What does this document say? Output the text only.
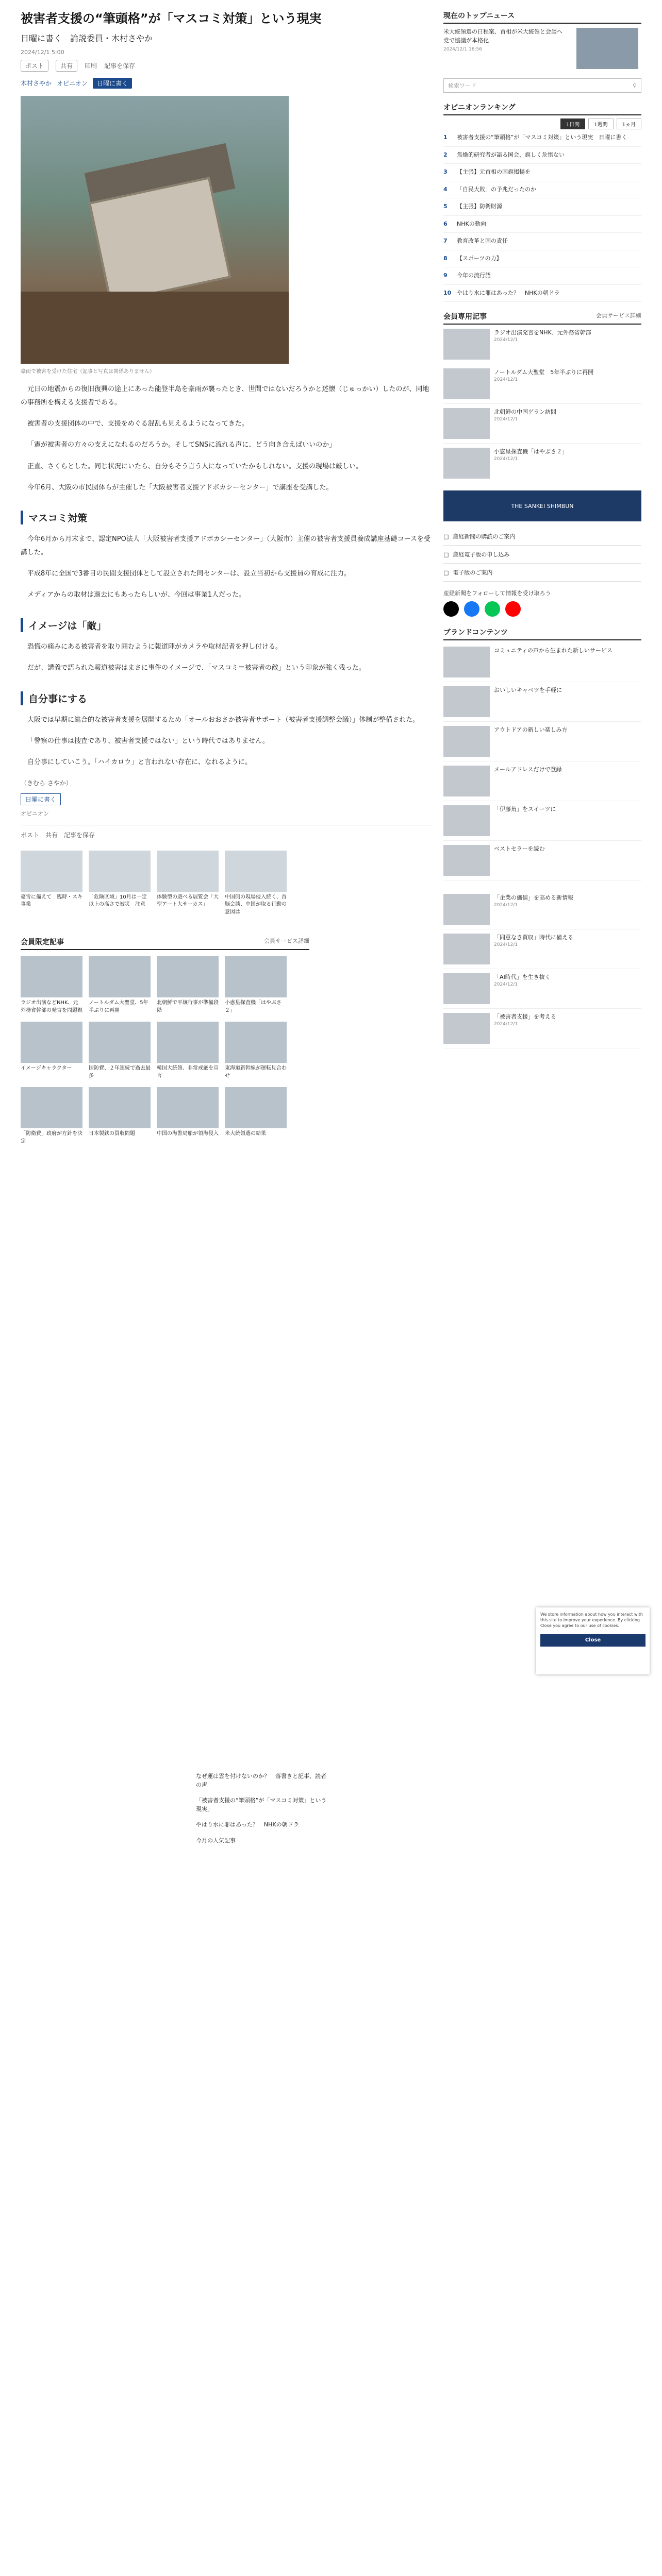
被害者支援の“筆頭格”が「マスコミ対策」という現実
日曜に書く　論説委員・木村さやか
2024/12/1 5:00
ポスト	共有	印刷 記事を保存
木村さやか オピニオン	日曜に書く
豪雨で被害を受けた住宅（記事と写真は関係ありません）

元日の地震からの復旧復興の途上にあった能登半島を豪雨が襲ったとき、世間ではないだろうかと述懐（じゅっかい）したのが、同地の事務所を構える支援者である。

被害者の支援団体の中で、支援をめぐる混乱も見えるようになってきた。

「憲が被害者の方々の支えになれるのだろうか。そしてSNSに流れる声に、どう向き合えばいいのか」

正直、さくらとした。同じ状況にいたら、自分もそう言う人になっていたかもしれない。支援の現場は厳しい。

今年6月、大阪の市民団体らが主催した「大阪被害者支援アドボカシーセンター」で講座を受講した。

マスコミ対策

今年6月から月末まで、認定NPO法人「大阪被害者支援アドボカシーセンター」（大阪市）主催の被害者支援員養成講座基礎コースを受講した。

平成8年に全国で3番目の民間支援団体として設立された同センターは、設立当初から支援員の育成に注力。

メディアからの取材は過去にもあったらしいが、今回は事業1人だった。

イメージは「敵」

恐慌の痛みにある被害者を取り囲むように報道陣がカメラや取材記者を押し付ける。

だが、講義で語られた報道被害はまさに事件のイメージで、「マスコミ＝被害者の敵」という印象が強く残った。

自分事にする

大阪では早期に総合的な被害者支援を展開するため「オールおおさか被害者サポート（被害者支援調整会議）」体制が整備された。

「警察の仕事は捜査であり、被害者支援ではない」という時代ではありません。

自分事にしていこう。「ハイカロウ」と言われない存在に、なれるように。

（きむら さやか）
日曜に書く
オピニオン
ポスト 共有 記事を保存
豪雪に備えて　臨時・スキ事業
「危険区域」10月は一定以上の高さで被災　注意
体験型の遊べる展覧会「大型アート大サーカス」
中国側の現場侵入続く、首脳会談、中国が取る行動の意図は
会員限定記事	会員サービス詳細
ラジオ出演などNHK、元外務省幹部の発言を問題視
ノートルダム大聖堂、5年半ぶりに再開
北朝鮮で平壌行事が準備段階
小惑星探査機「はやぶさ２」
イメージキャラクター	国防費、２年連続で過去最多
韓国大統領、非常戒厳を宣言
東海道新幹線が運転見合わせ
「防衛費」政府が方針を決定
日本製鉄の買収問題	中国の海警局船が領海侵入 米大統領選の結果
なぜ運は雲を付けないのか？　落書きと記事、読者の声
「被害者支援の“筆頭格”が「マスコミ対策」という現実」
やはり水に罪はあった？　NHKの朝ドラ
今月の人気記事
現在のトップニュース
米大統領選の日程案、首相が米大統領と会談へ　党で協議が本格化
2024/12/1 16:56
検索ワード	⚲
オピニオンランキング
1日間	1週間	1ヵ月
1	被害者支援の“筆頭格”が「マスコミ対策」という現実　日曜に書く
2	焦燥的研究者が語る国会、旗しく危惧ない
3	【主張】元首相の国旗掲揚を
4	「自民大敗」の予兆だったのか
5	【主張】防衛財源
6	NHKの動向
7	教育改革と国の責任
8	【スポーツの力】
9	今年の流行語
10 やはり水に罪はあった？　NHKの朝ドラ
会員専用記事	会員サービス詳細
ラジオ出演発言をNHK、元外務省幹部
2024/12/1
ノートルダム大聖堂　5年半ぶりに再開
2024/12/1
北朝鮮の中国ゲラン訪問
2024/12/1
小惑星探査機「はやぶさ２」
2024/12/1
THE SANKEI SHIMBUN
□ 産経新聞の購読のご案内
□ 産経電子版の申し込み
□ 電子版のご案内
産経新聞をフォローして情報を受け取ろう
ブランドコンテンツ
コミュニティの声から生まれた新しいサービス
おいしいキャベツを手軽に
アウトドアの新しい楽しみ方
メールアドレスだけで登録
「伊藤角」をスイーツに
ベストセラーを読む
「企業の価値」を高める新情報
2024/12/1
「同意なき買収」時代に備える
2024/12/1
「AI時代」を生き抜く
2024/12/1
「被害者支援」を考える
2024/12/1
We store information about how you interact with this site to improve your experience. By clicking Close you agree to our use of cookies.
Close
